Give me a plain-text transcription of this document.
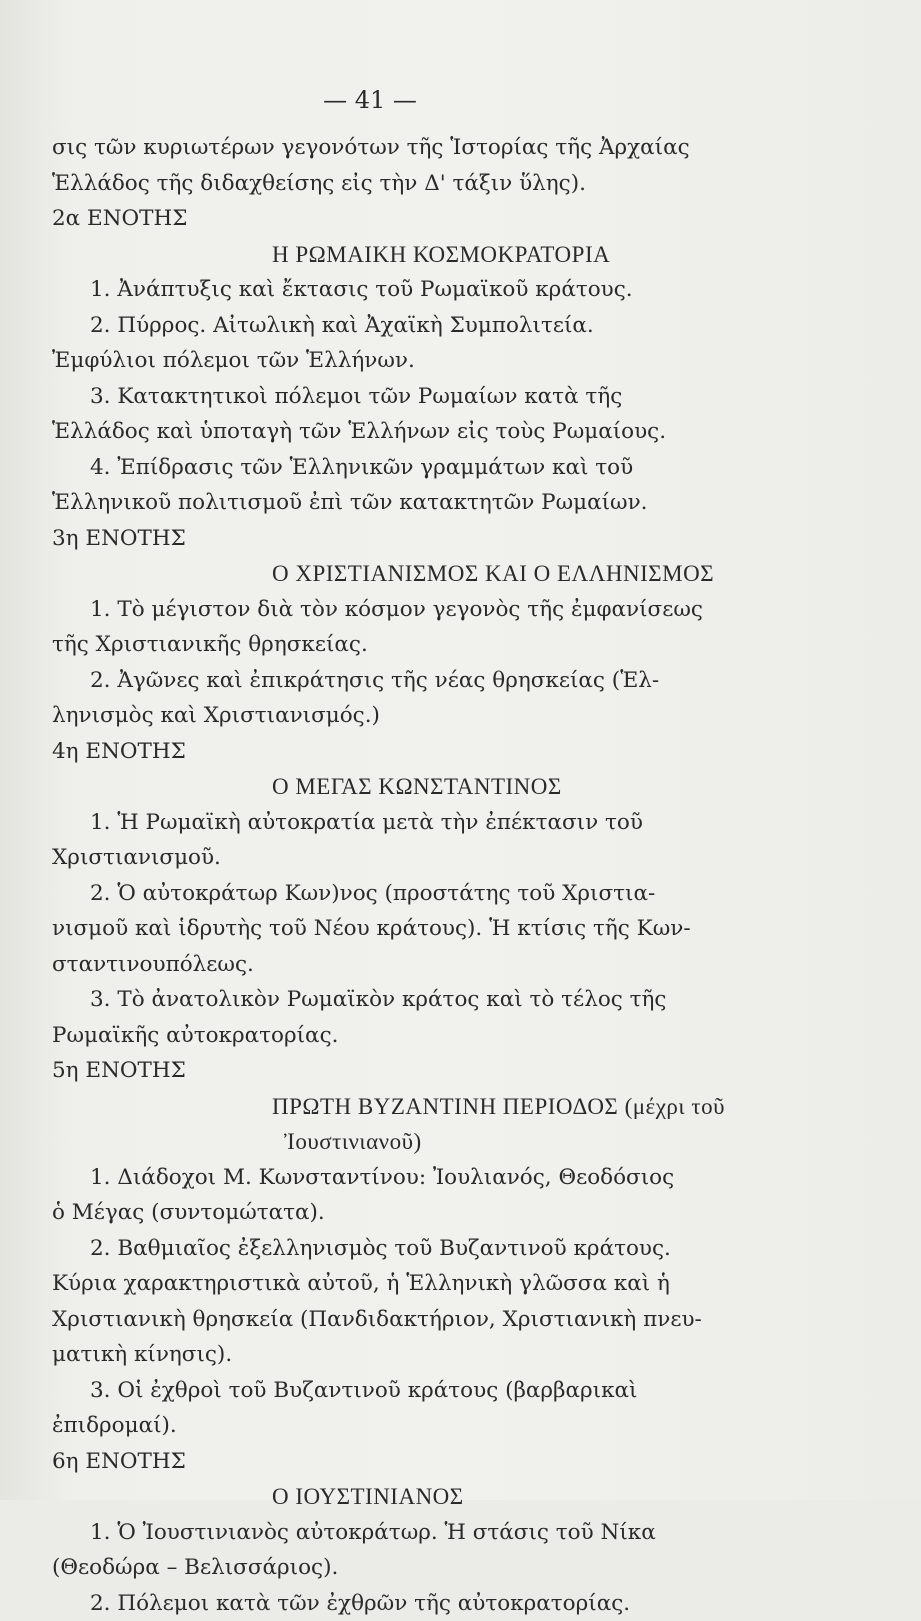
— 41 —
σις τῶν κυριωτέρων γεγονότων τῆς Ἱστορίας τῆς Ἀρχαίας
Ἑλλάδος τῆς διδαχθείσης εἰς τὴν Δ' τάξιν ὕλης).
2α ΕΝΟΤΗΣ
Η ΡΩΜΑΙΚΗ ΚΟΣΜΟΚΡΑΤΟΡΙΑ
1. Ἀνάπτυξις καὶ ἔκτασις τοῦ Ρωμαϊκοῦ κράτους.
2. Πύρρος. Αἰτωλικὴ καὶ Ἀχαϊκὴ Συμπολιτεία.
Ἐμφύλιοι πόλεμοι τῶν Ἑλλήνων.
3. Κατακτητικοὶ πόλεμοι τῶν Ρωμαίων κατὰ τῆς
Ἑλλάδος καὶ ὑποταγὴ τῶν Ἑλλήνων εἰς τοὺς Ρωμαίους.
4. Ἐπίδρασις τῶν Ἑλληνικῶν γραμμάτων καὶ τοῦ
Ἑλληνικοῦ πολιτισμοῦ ἐπὶ τῶν κατακτητῶν Ρωμαίων.
3η ΕΝΟΤΗΣ
Ο ΧΡΙΣΤΙΑΝΙΣΜΟΣ ΚΑΙ Ο ΕΛΛΗΝΙΣΜΟΣ
1. Τὸ μέγιστον διὰ τὸν κόσμον γεγονὸς τῆς ἐμφανίσεως
τῆς Χριστιανικῆς θρησκείας.
2. Ἀγῶνες καὶ ἐπικράτησις τῆς νέας θρησκείας (Ἑλ-
ληνισμὸς καὶ Χριστιανισμός.)
4η ΕΝΟΤΗΣ
Ο ΜΕΓΑΣ ΚΩΝΣΤΑΝΤΙΝΟΣ
1. Ἡ Ρωμαϊκὴ αὐτοκρατία μετὰ τὴν ἐπέκτασιν τοῦ
Χριστιανισμοῦ.
2. Ὁ αὐτοκράτωρ Κων)νος (προστάτης τοῦ Χριστια-
νισμοῦ καὶ ἱδρυτὴς τοῦ Νέου κράτους). Ἡ κτίσις τῆς Κων-
σταντινουπόλεως.
3. Τὸ ἀνατολικὸν Ρωμαϊκὸν κράτος καὶ τὸ τέλος τῆς
Ρωμαϊκῆς αὐτοκρατορίας.
5η ΕΝΟΤΗΣ
ΠΡΩΤΗ ΒΥΖΑΝΤΙΝΗ ΠΕΡΙΟΔΟΣ (μέχρι τοῦ
Ἰουστινιανοῦ)
1. Διάδοχοι Μ. Κωνσταντίνου: Ἰουλιανός, Θεοδόσιος
ὁ Μέγας (συντομώτατα).
2. Βαθμιαῖος ἐξελληνισμὸς τοῦ Βυζαντινοῦ κράτους.
Κύρια χαρακτηριστικὰ αὐτοῦ, ἡ Ἑλληνικὴ γλῶσσα καὶ ἡ
Χριστιανικὴ θρησκεία (Πανδιδακτήριον, Χριστιανικὴ πνευ-
ματικὴ κίνησις).
3. Οἱ ἐχθροὶ τοῦ Βυζαντινοῦ κράτους (βαρβαρικαὶ
ἐπιδρομαί).
6η ΕΝΟΤΗΣ
Ο ΙΟΥΣΤΙΝΙΑΝΟΣ
1. Ὁ Ἰουστινιανὸς αὐτοκράτωρ. Ἡ στάσις τοῦ Νίκα
(Θεοδώρα – Βελισσάριος).
2. Πόλεμοι κατὰ τῶν ἐχθρῶν τῆς αὐτοκρατορίας.
